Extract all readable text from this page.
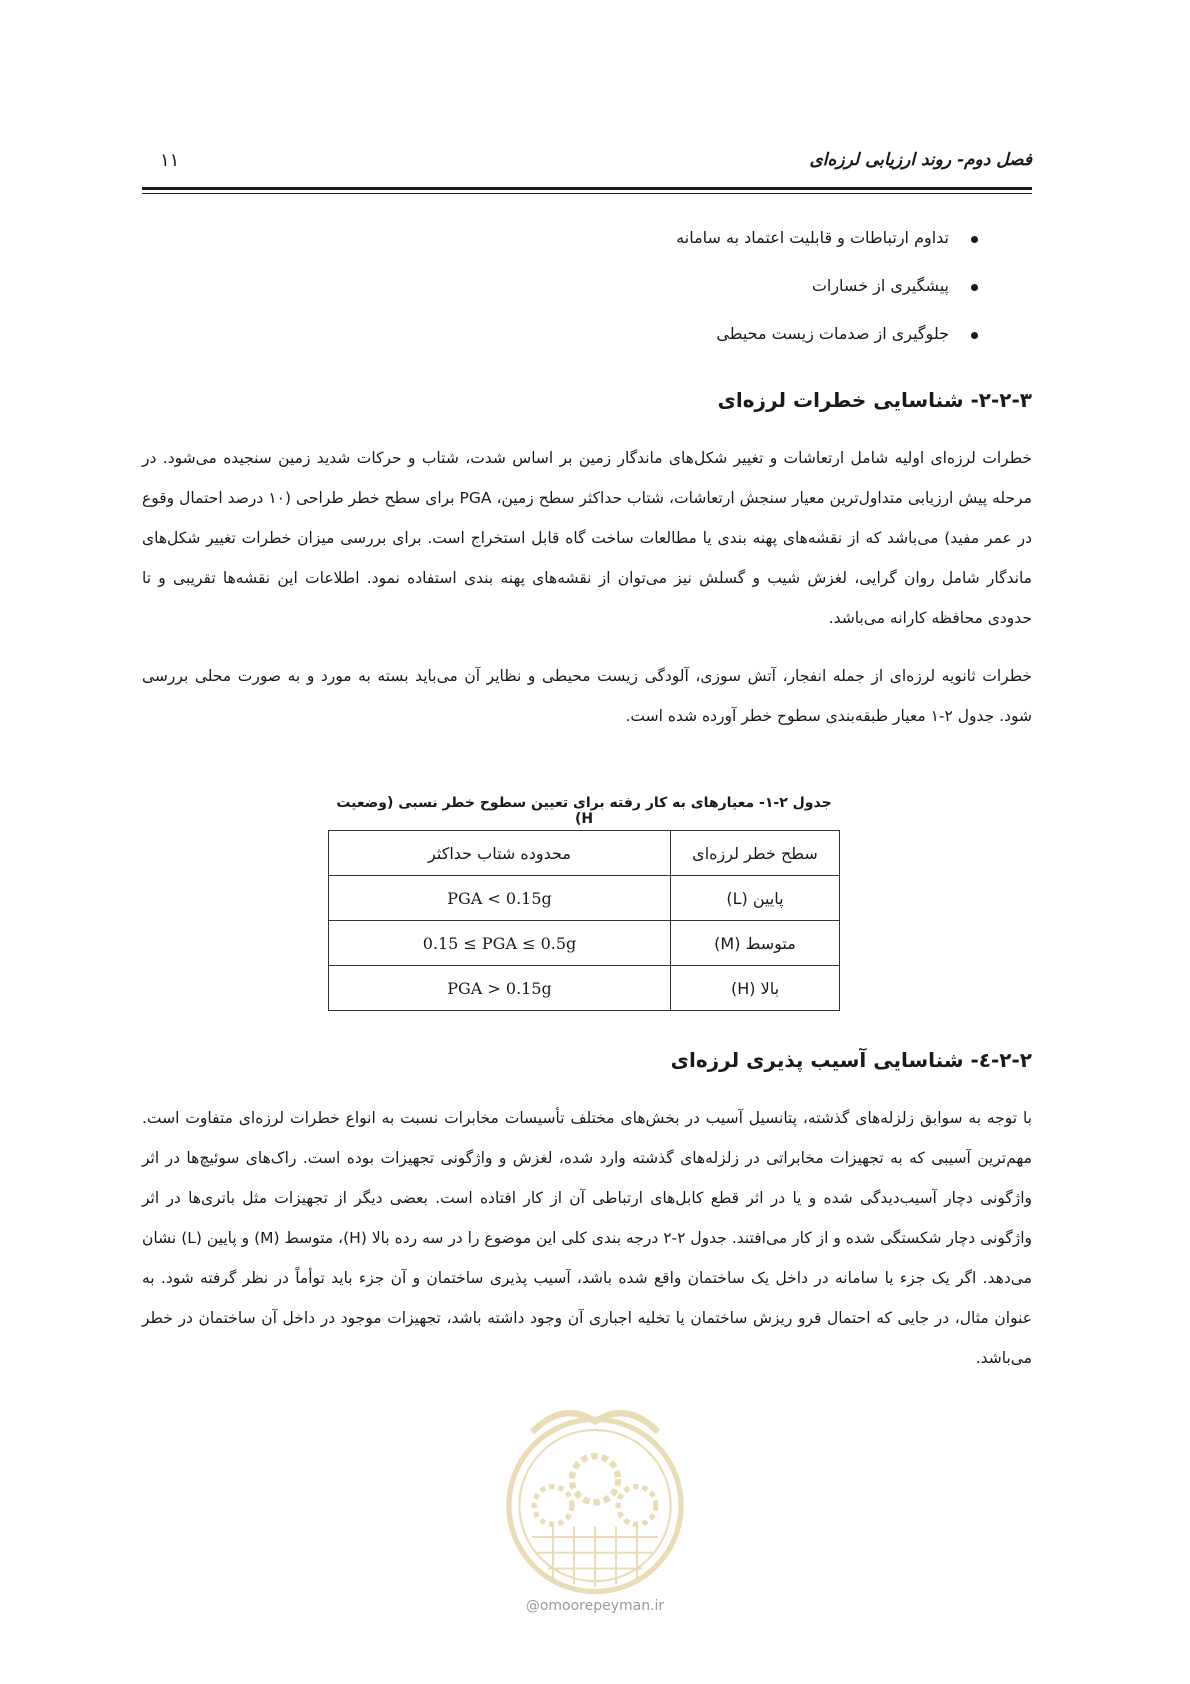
فصل دوم- روند ارزیابی لرزه‌ای
۱۱
تداوم ارتباطات و قابلیت اعتماد به سامانه
پیشگیری از خسارات
جلوگیری از صدمات زیست محیطی
۲-۲-۳- شناسایی خطرات لرزه‌ای

خطرات لرزه‌ای اولیه شامل ارتعاشات و تغییر شکل‌های ماندگار زمین بر اساس شدت، شتاب و حرکات شدید زمین سنجیده می‌شود. در مرحله پیش ارزیابی متداول‌ترین معیار سنجش ارتعاشات، شتاب حداکثر سطح زمین، PGA برای سطح خطر طراحی (۱۰ درصد احتمال وقوع در عمر مفید) می‌باشد که از نقشه‌های پهنه بندی یا مطالعات ساخت گاه قابل استخراج است. برای بررسی میزان خطرات تغییر شکل‌های ماندگار شامل روان گرایی، لغزش شیب و گسلش نیز می‌توان از نقشه‌های پهنه بندی استفاده نمود. اطلاعات این نقشه‌ها تقریبی و تا حدودی محافظه کارانه می‌باشد.

خطرات ثانویه لرزه‌ای از جمله انفجار، آتش سوزی، آلودگی زیست محیطی و نظایر آن می‌باید بسته به مورد و به صورت محلی بررسی شود. جدول ۲-۱ معیار طبقه‌بندی سطوح خطر آورده شده است.

جدول ۲-۱- معیارهای به کار رفته برای تعیین سطوح خطر نسبی (وضعیت H)
سطح خطر لرزه‌ای	محدوده شتاب حداکثر
پایین (L)	PGA < 0.15g
متوسط (M)	0.15 ≤ PGA ≤ 0.5g
بالا (H)	PGA > 0.15g
۲-۲-٤- شناسایی آسیب پذیری لرزه‌ای

با توجه به سوابق زلزله‌های گذشته، پتانسیل آسیب در بخش‌های مختلف تأسیسات مخابرات نسبت به انواع خطرات لرزه‌ای متفاوت است. مهم‌ترین آسیبی که به تجهیزات مخابراتی در زلزله‌های گذشته وارد شده، لغزش و واژگونی تجهیزات بوده است. راک‌های سوئیچ‌ها در اثر واژگونی دچار آسیب‌دیدگی شده و یا در اثر قطع کابل‌های ارتباطی آن از کار افتاده است. بعضی دیگر از تجهیزات مثل باتری‌ها در اثر واژگونی دچار شکستگی شده و از کار می‌افتند. جدول ۲-۲ درجه بندی کلی این موضوع را در سه رده بالا (H)، متوسط (M) و پایین (L) نشان می‌دهد. اگر یک جزء یا سامانه در داخل یک ساختمان واقع شده باشد، آسیب پذیری ساختمان و آن جزء باید توأماً در نظر گرفته شود. به عنوان مثال، در جایی که احتمال فرو ریزش ساختمان یا تخلیه اجباری آن وجود داشته باشد، تجهیزات موجود در داخل آن ساختمان در خطر می‌باشد.

@omoorepeyman.ir
